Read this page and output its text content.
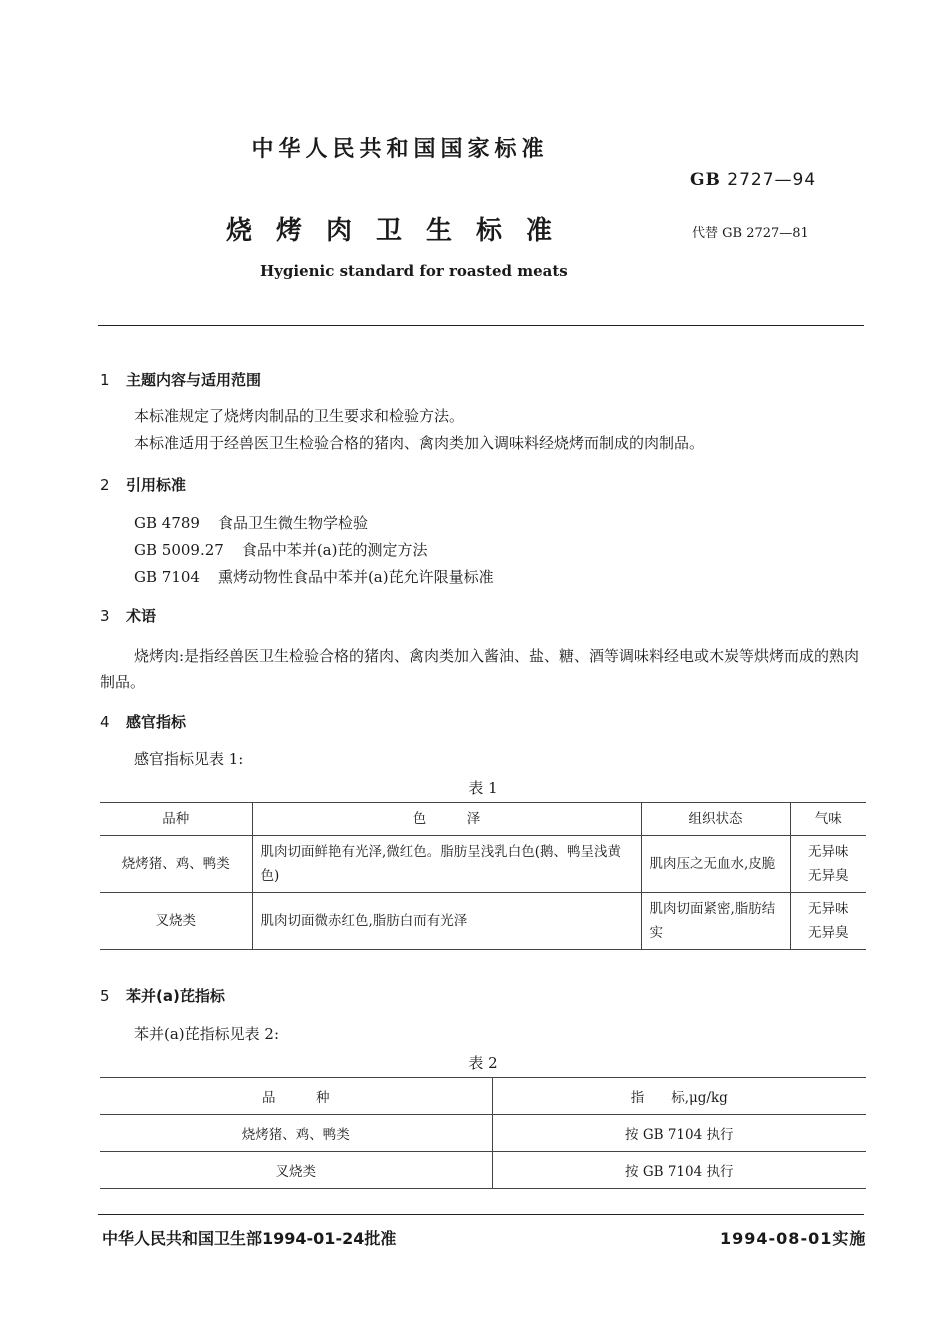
中华人民共和国国家标准
GB 2727—94
烧烤肉卫生标准	代替 GB 2727—81
Hygienic standard for roasted meats
1 主题内容与适用范围
本标准规定了烧烤肉制品的卫生要求和检验方法。
本标准适用于经兽医卫生检验合格的猪肉、禽肉类加入调味料经烧烤而制成的肉制品。
2 引用标准
GB 4789 食品卫生微生物学检验
GB 5009.27 食品中苯并(a)芘的测定方法
GB 7104 熏烤动物性食品中苯并(a)芘允许限量标准
3 术语
烧烤肉:是指经兽医卫生检验合格的猪肉、禽肉类加入酱油、盐、糖、酒等调味料经电或木炭等烘烤而成的熟肉制品。
4 感官指标
感官指标见表 1:
表 1
品种	色　　　泽	组织状态	气味
烧烤猪、鸡、鸭类	肌肉切面鲜艳有光泽,微红色。脂肪呈浅乳白色(鹅、鸭呈浅黄色)	肌肉压之无血水,皮脆	无异味
无异臭
叉烧类	肌肉切面微赤红色,脂肪白而有光泽	肌肉切面紧密,脂肪结实	无异味
无异臭
5 苯并(a)芘指标
苯并(a)芘指标见表 2:
表 2
品　　　种	指　　标,μg/kg
烧烤猪、鸡、鸭类	按 GB 7104 执行
叉烧类	按 GB 7104 执行
中华人民共和国卫生部1994-01-24批准	1994-08-01实施
